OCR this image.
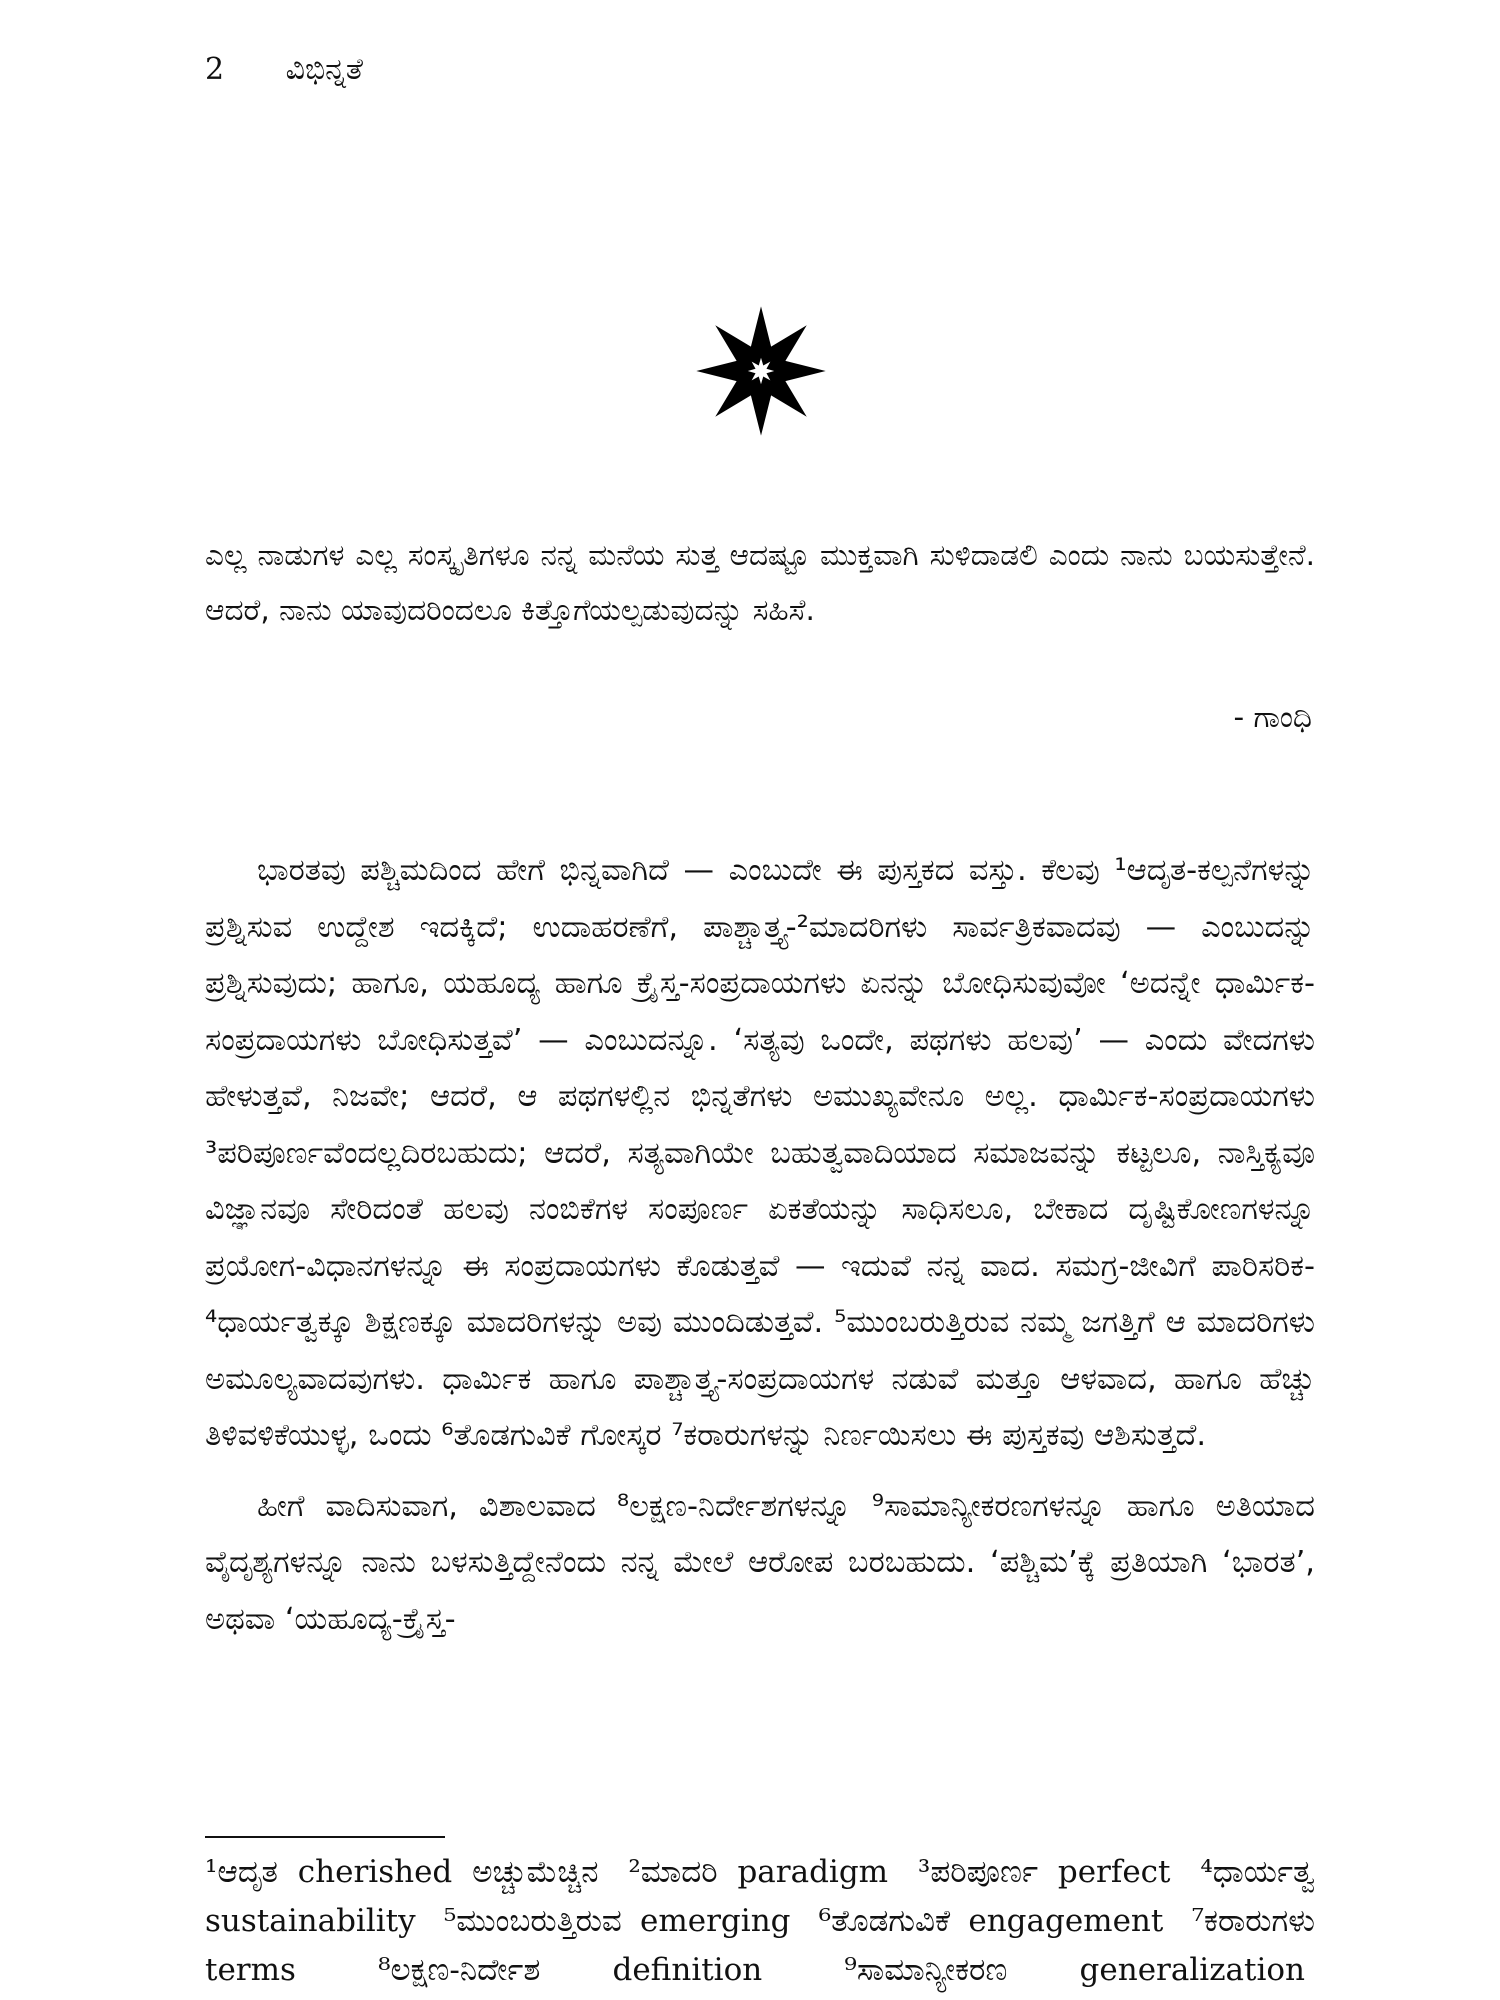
2 ವಿಭಿನ್ನತೆ
ಎಲ್ಲ ನಾಡುಗಳ ಎಲ್ಲ ಸಂಸ್ಕೃತಿಗಳೂ ನನ್ನ ಮನೆಯ ಸುತ್ತ ಆದಷ್ಟೂ ಮುಕ್ತವಾಗಿ ಸುಳಿದಾಡಲಿ ಎಂದು ನಾನು ಬಯಸುತ್ತೇನೆ. ಆದರೆ, ನಾನು ಯಾವುದರಿಂದಲೂ ಕಿತ್ತೊಗೆಯಲ್ಪಡುವುದನ್ನು ಸಹಿಸೆ.
- ಗಾಂಧಿ

ಭಾರತವು ಪಶ್ಚಿಮದಿಂದ ಹೇಗೆ ಭಿನ್ನವಾಗಿದೆ — ಎಂಬುದೇ ಈ ಪುಸ್ತಕದ ವಸ್ತು. ಕೆಲವು ¹ಆದೃತ-ಕಲ್ಪನೆಗಳನ್ನು ಪ್ರಶ್ನಿಸುವ ಉದ್ದೇಶ ಇದಕ್ಕಿದೆ; ಉದಾಹರಣೆಗೆ, ಪಾಶ್ಚಾತ್ತ್ಯ-²ಮಾದರಿಗಳು ಸಾರ್ವತ್ರಿಕವಾದವು — ಎಂಬುದನ್ನು ಪ್ರಶ್ನಿಸುವುದು; ಹಾಗೂ, ಯಹೂದ್ಯ ಹಾಗೂ ಕ್ರೈಸ್ತ-ಸಂಪ್ರದಾಯಗಳು ಏನನ್ನು ಬೋಧಿಸುವುವೋ ‘ಅದನ್ನೇ ಧಾರ್ಮಿಕ-ಸಂಪ್ರದಾಯಗಳು ಬೋಧಿಸುತ್ತವೆ’ — ಎಂಬುದನ್ನೂ. ‘ಸತ್ಯವು ಒಂದೇ, ಪಥಗಳು ಹಲವು’ — ಎಂದು ವೇದಗಳು ಹೇಳುತ್ತವೆ, ನಿಜವೇ; ಆದರೆ, ಆ ಪಥಗಳಲ್ಲಿನ ಭಿನ್ನತೆಗಳು ಅಮುಖ್ಯವೇನೂ ಅಲ್ಲ. ಧಾರ್ಮಿಕ-ಸಂಪ್ರದಾಯಗಳು ³ಪರಿಪೂರ್ಣವೆಂದಲ್ಲದಿರಬಹುದು; ಆದರೆ, ಸತ್ಯವಾಗಿಯೇ ಬಹುತ್ವವಾದಿಯಾದ ಸಮಾಜವನ್ನು ಕಟ್ಟಲೂ, ನಾಸ್ತಿಕ್ಯವೂ ವಿಜ್ಞಾನವೂ ಸೇರಿದಂತೆ ಹಲವು ನಂಬಿಕೆಗಳ ಸಂಪೂರ್ಣ ಏಕತೆಯನ್ನು ಸಾಧಿಸಲೂ, ಬೇಕಾದ ದೃಷ್ಟಿಕೋಣಗಳನ್ನೂ ಪ್ರಯೋಗ-ವಿಧಾನಗಳನ್ನೂ ಈ ಸಂಪ್ರದಾಯಗಳು ಕೊಡುತ್ತವೆ — ಇದುವೆ ನನ್ನ ವಾದ. ಸಮಗ್ರ-ಜೀವಿಗೆ ಪಾರಿಸರಿಕ-⁴ಧಾರ್ಯತ್ವಕ್ಕೂ ಶಿಕ್ಷಣಕ್ಕೂ ಮಾದರಿಗಳನ್ನು ಅವು ಮುಂದಿಡುತ್ತವೆ. ⁵ಮುಂಬರುತ್ತಿರುವ ನಮ್ಮ ಜಗತ್ತಿಗೆ ಆ ಮಾದರಿಗಳು ಅಮೂಲ್ಯವಾದವುಗಳು. ಧಾರ್ಮಿಕ ಹಾಗೂ ಪಾಶ್ಚಾತ್ತ್ಯ-ಸಂಪ್ರದಾಯಗಳ ನಡುವೆ ಮತ್ತೂ ಆಳವಾದ, ಹಾಗೂ ಹೆಚ್ಚು ತಿಳಿವಳಿಕೆಯುಳ್ಳ, ಒಂದು ⁶ತೊಡಗುವಿಕೆ ಗೋಸ್ಕರ ⁷ಕರಾರುಗಳನ್ನು ನಿರ್ಣಯಿಸಲು ಈ ಪುಸ್ತಕವು ಆಶಿಸುತ್ತದೆ.

ಹೀಗೆ ವಾದಿಸುವಾಗ, ವಿಶಾಲವಾದ ⁸ಲಕ್ಷಣ-ನಿರ್ದೇಶಗಳನ್ನೂ ⁹ಸಾಮಾನ್ಯೀಕರಣಗಳನ್ನೂ ಹಾಗೂ ಅತಿಯಾದ ವೈದೃಶ್ಯಗಳನ್ನೂ ನಾನು ಬಳಸುತ್ತಿದ್ದೇನೆಂದು ನನ್ನ ಮೇಲೆ ಆರೋಪ ಬರಬಹುದು. ‘ಪಶ್ಚಿಮ’ಕ್ಕೆ ಪ್ರತಿಯಾಗಿ ‘ಭಾರತ’, ಅಥವಾ ‘ಯಹೂದ್ಯ-ಕ್ರೈಸ್ತ-

¹ಆದೃತ cherished ಅಚ್ಚುಮೆಚ್ಚಿನ ²ಮಾದರಿ paradigm ³ಪರಿಪೂರ್ಣ perfect ⁴ಧಾರ್ಯತ್ವ sustainability ⁵ಮುಂಬರುತ್ತಿರುವ emerging ⁶ತೊಡಗುವಿಕೆ engagement ⁷ಕರಾರುಗಳು terms	⁸ಲಕ್ಷಣ-ನಿರ್ದೇಶ definition	⁹ಸಾಮಾನ್ಯೀಕರಣ generalization
